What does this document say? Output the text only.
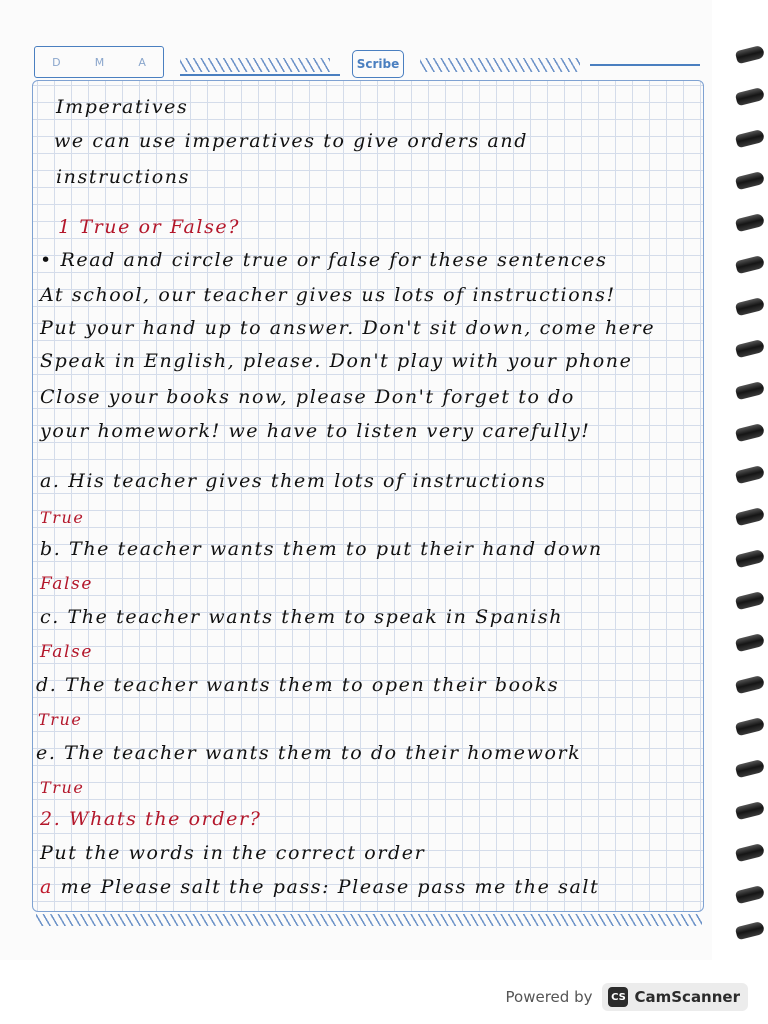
D	M	A	Scribe
Imperatives
we can use imperatives to give orders and
instructions
1 True or False?
• Read and circle true or false for these sentences
At school, our teacher gives us lots of instructions!
Put your hand up to answer. Don't sit down, come here
Speak in English, please. Don't play with your phone
Close your books now, please Don't forget to do
your homework! we have to listen very carefully!
a. His teacher gives them lots of instructions
True
b. The teacher wants them to put their hand down
False
c. The teacher wants them to speak in Spanish
False
d. The teacher wants them to open their books
True
e. The teacher wants them to do their homework
True
2. Whats the order?
Put the words in the correct order
a me Please salt the pass: Please pass me the salt
Powered by CS CamScanner
